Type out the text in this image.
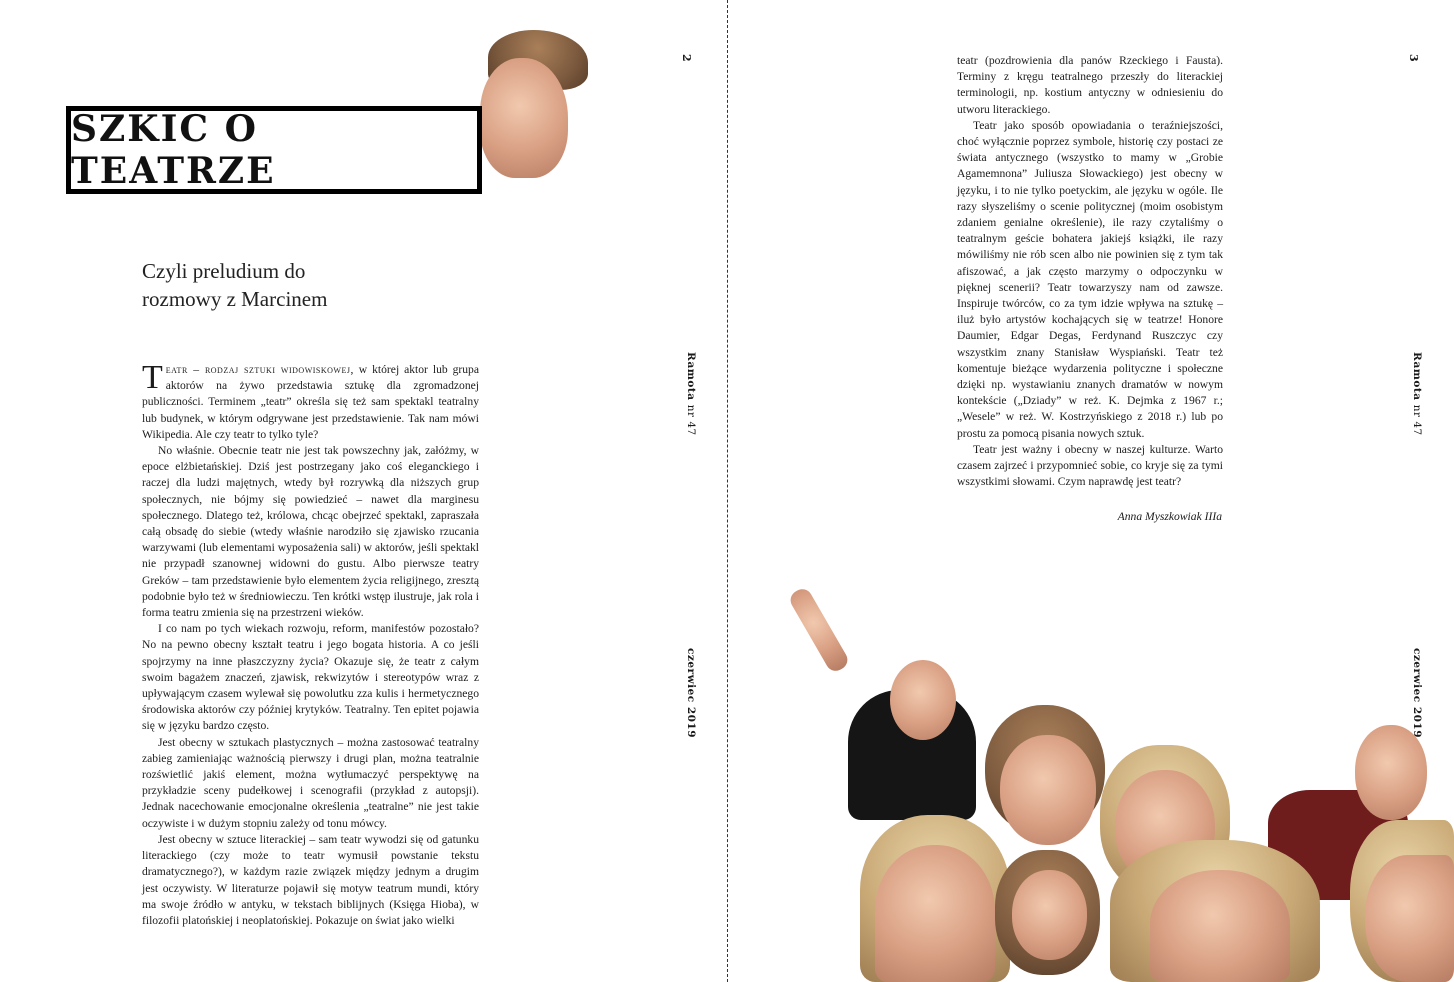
2
Ramota nr 47
czerwiec 2019
SZKIC O TEATRZE
Czyli preludium do
rozmowy z Marcinem

Teatr – rodzaj sztuki widowiskowej, w której aktor lub grupa aktorów na żywo przedstawia sztukę dla zgromadzonej publiczności. Terminem „teatr” określa się też sam spektakl teatralny lub budynek, w którym odgrywane jest przedstawienie. Tak nam mówi Wikipedia. Ale czy teatr to tylko tyle?

No właśnie. Obecnie teatr nie jest tak powszechny jak, załóżmy, w epoce elżbietańskiej. Dziś jest postrzegany jako coś eleganckiego i raczej dla ludzi majętnych, wtedy był rozrywką dla niższych grup społecznych, nie bójmy się powiedzieć – nawet dla marginesu społecznego. Dlatego też, królowa, chcąc obejrzeć spektakl, zapraszała całą obsadę do siebie (wtedy właśnie narodziło się zjawisko rzucania warzywami (lub elementami wyposażenia sali) w aktorów, jeśli spektakl nie przypadł szanownej widowni do gustu. Albo pierwsze teatry Greków – tam przedstawienie było elementem życia religijnego, zresztą podobnie było też w średniowieczu. Ten krótki wstęp ilustruje, jak rola i forma teatru zmienia się na przestrzeni wieków.

I co nam po tych wiekach rozwoju, reform, manifestów pozostało? No na pewno obecny kształt teatru i jego bogata historia. A co jeśli spojrzymy na inne płaszczyzny życia? Okazuje się, że teatr z całym swoim bagażem znaczeń, zjawisk, rekwizytów i stereotypów wraz z upływającym czasem wylewał się powolutku zza kulis i hermetycznego środowiska aktorów czy później krytyków. Teatralny. Ten epitet pojawia się w języku bardzo często.

Jest obecny w sztukach plastycznych – można zastosować teatralny zabieg zamieniając ważnością pierwszy i drugi plan, można teatralnie rozświetlić jakiś element, można wytłumaczyć perspektywę na przykładzie sceny pudełkowej i scenografii (przykład z autopsji). Jednak nacechowanie emocjonalne określenia „teatralne” nie jest takie oczywiste i w dużym stopniu zależy od tonu mówcy.

Jest obecny w sztuce literackiej – sam teatr wywodzi się od gatunku literackiego (czy może to teatr wymusił powstanie tekstu dramatycznego?), w każdym razie związek między jednym a drugim jest oczywisty. W literaturze pojawił się motyw teatrum mundi, który ma swoje źródło w antyku, w tekstach biblijnych (Księga Hioba), w filozofii platońskiej i neoplatońskiej. Pokazuje on świat jako wielki

3
Ramota nr 47
czerwiec 2019

teatr (pozdrowienia dla panów Rzeckiego i Fausta). Terminy z kręgu teatralnego przeszły do literackiej terminologii, np. kostium antyczny w odniesieniu do utworu literackiego.

Teatr jako sposób opowiadania o teraźniejszości, choć wyłącznie poprzez symbole, historię czy postaci ze świata antycznego (wszystko to mamy w „Grobie Agamemnona” Juliusza Słowackiego) jest obecny w języku, i to nie tylko poetyckim, ale języku w ogóle. Ile razy słyszeliśmy o scenie politycznej (moim osobistym zdaniem genialne określenie), ile razy czytaliśmy o teatralnym geście bohatera jakiejś książki, ile razy mówiliśmy nie rób scen albo nie powinien się z tym tak afiszować, a jak często marzymy o odpoczynku w pięknej scenerii? Teatr towarzyszy nam od zawsze. Inspiruje twórców, co za tym idzie wpływa na sztukę – iluż było artystów kochających się w teatrze! Honore Daumier, Edgar Degas, Ferdynand Ruszczyc czy wszystkim znany Stanisław Wyspiański. Teatr też komentuje bieżące wydarzenia polityczne i społeczne dzięki np. wystawianiu znanych dramatów w nowym kontekście („Dziady” w reż. K. Dejmka z 1967 r.; „Wesele” w reż. W. Kostrzyńskiego z 2018 r.) lub po prostu za pomocą pisania nowych sztuk.

Teatr jest ważny i obecny w naszej kulturze. Warto czasem zajrzeć i przypomnieć sobie, co kryje się za tymi wszystkimi słowami. Czym naprawdę jest teatr?

Anna Myszkowiak IIIa
